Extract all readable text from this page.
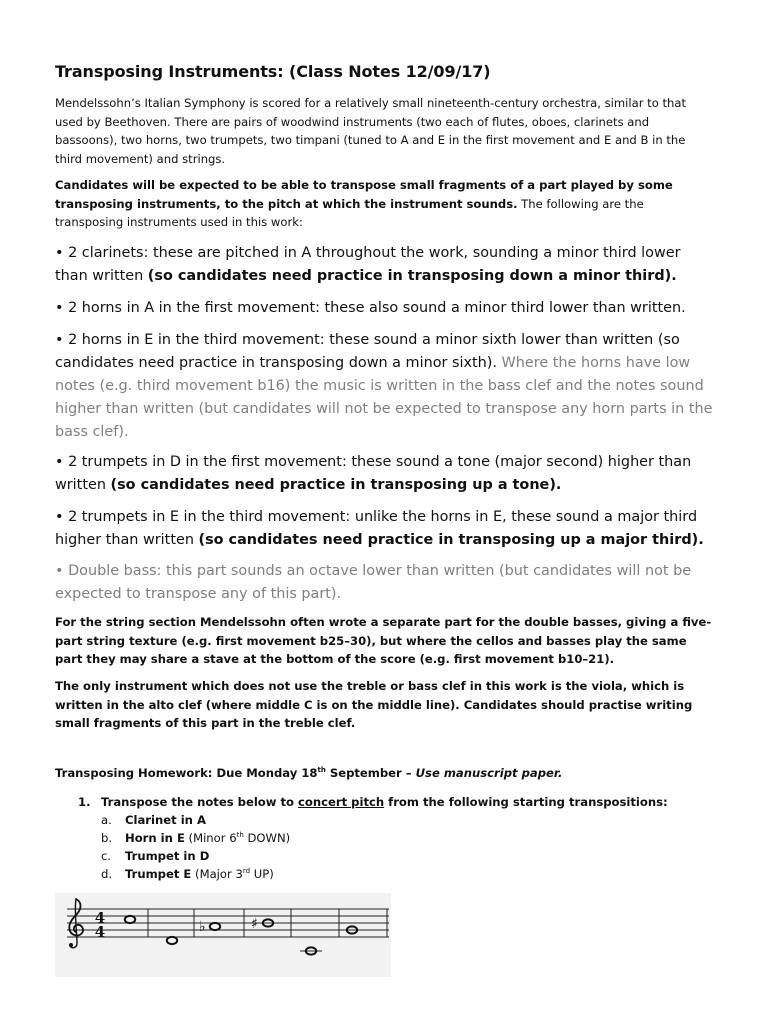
Transposing Instruments: (Class Notes 12/09/17)
Mendelssohn’s Italian Symphony is scored for a relatively small nineteenth-century orchestra, similar to that used by Beethoven. There are pairs of woodwind instruments (two each of flutes, oboes, clarinets and bassoons), two horns, two trumpets, two timpani (tuned to A and E in the first movement and E and B in the third movement) and strings.
Candidates will be expected to be able to transpose small fragments of a part played by some transposing instruments, to the pitch at which the instrument sounds. The following are the transposing instruments used in this work:
• 2 clarinets: these are pitched in A throughout the work, sounding a minor third lower than written (so candidates need practice in transposing down a minor third).
• 2 horns in A in the first movement: these also sound a minor third lower than written.
• 2 horns in E in the third movement: these sound a minor sixth lower than written (so candidates need practice in transposing down a minor sixth). Where the horns have low notes (e.g. third movement b16) the music is written in the bass clef and the notes sound higher than written (but candidates will not be expected to transpose any horn parts in the bass clef).
• 2 trumpets in D in the first movement: these sound a tone (major second) higher than written (so candidates need practice in transposing up a tone).
• 2 trumpets in E in the third movement: unlike the horns in E, these sound a major third higher than written (so candidates need practice in transposing up a major third).
• Double bass: this part sounds an octave lower than written (but candidates will not be expected to transpose any of this part).
For the string section Mendelssohn often wrote a separate part for the double basses, giving a five-part string texture (e.g. first movement b25–30), but where the cellos and basses play the same part they may share a stave at the bottom of the score (e.g. first movement b10–21).
The only instrument which does not use the treble or bass clef in this work is the viola, which is written in the alto clef (where middle C is on the middle line). Candidates should practise writing small fragments of this part in the treble clef.
Transposing Homework: Due Monday 18th September – Use manuscript paper.
1. Transpose the notes below to concert pitch from the following starting transpositions:
a. Clarinet in A
b. Horn in E (Minor 6th DOWN)
c. Trumpet in D
d. Trumpet E (Major 3rd UP)
4
4	♭	♯
